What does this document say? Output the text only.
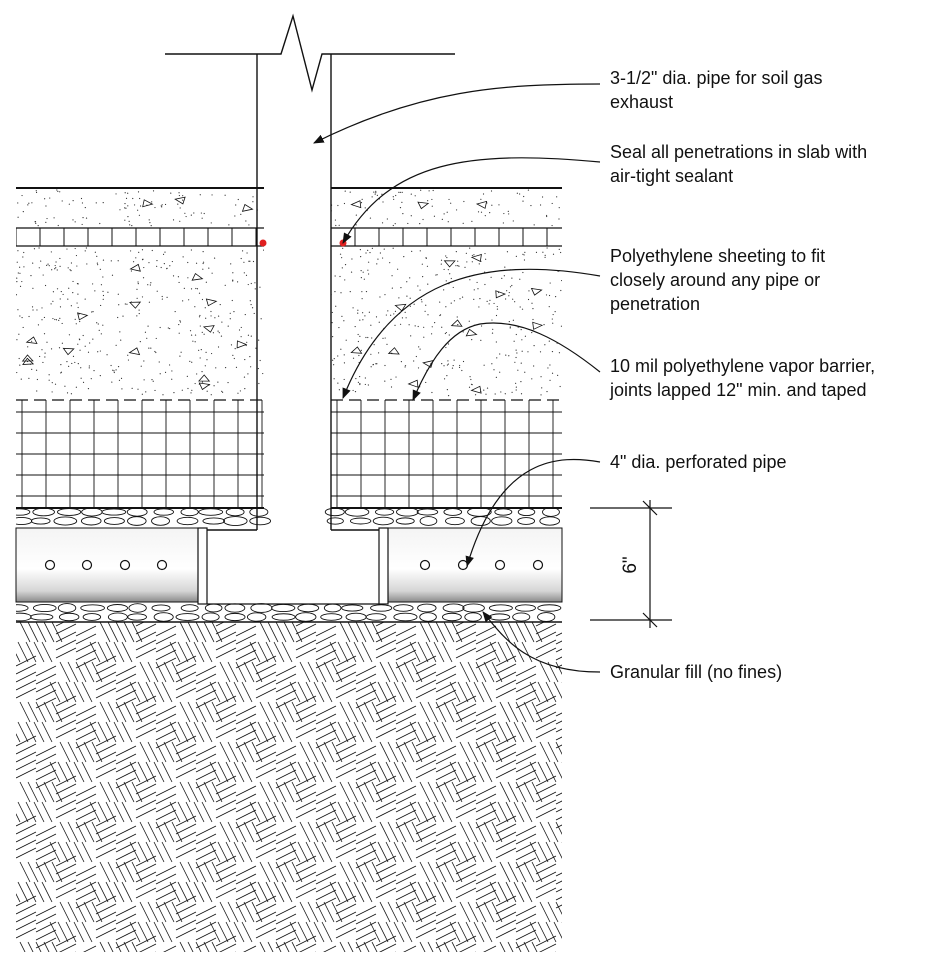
6"
3-1/2" dia. pipe for soil gas
exhaust
Seal all penetrations in slab with
air-tight sealant
Polyethylene sheeting to fit
closely around any pipe or
penetration
10 mil polyethylene vapor barrier,
joints lapped 12" min. and taped
4" dia. perforated pipe
Granular fill (no fines)
